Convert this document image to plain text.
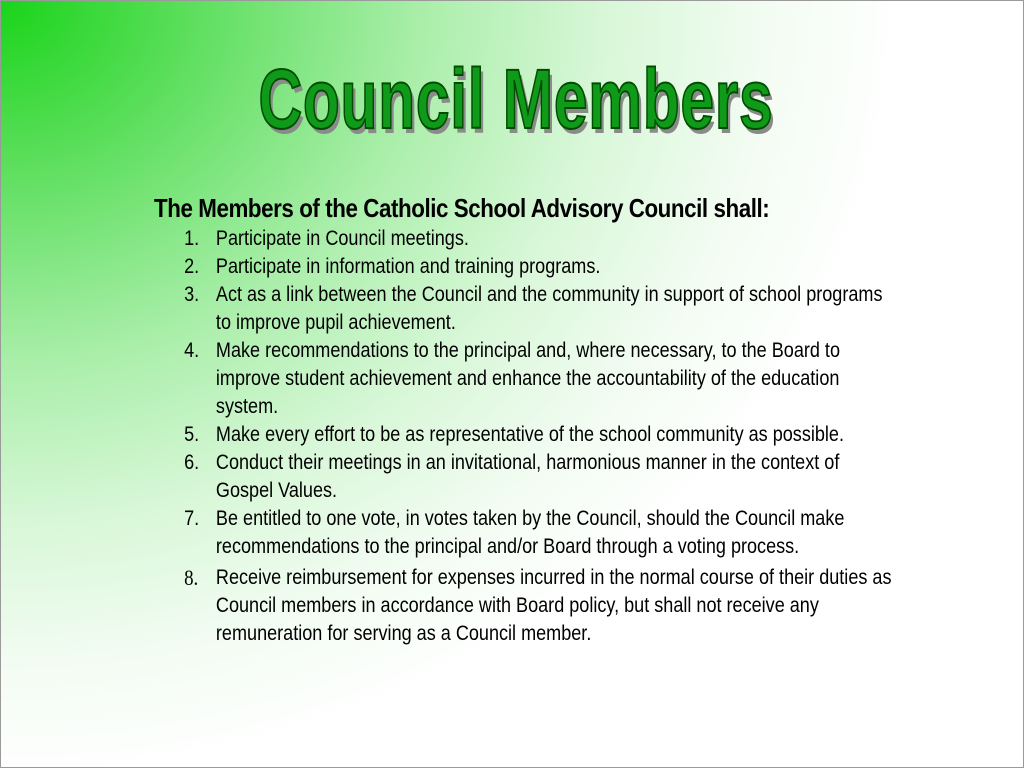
Council Members
The Members of the Catholic School Advisory Council shall:
1. Participate in Council meetings.
2. Participate in information and training programs.
3. Act as a link between the Council and the community in support of school programs to improve pupil achievement.
4. Make recommendations to the principal and, where necessary, to the Board to improve student achievement and enhance the accountability of the education system.
5. Make every effort to be as representative of the school community as possible.
6. Conduct their meetings in an invitational, harmonious manner in the context of Gospel Values.
7. Be entitled to one vote, in votes taken by the Council, should the Council make recommendations to the principal and/or Board through a voting process.
8. Receive reimbursement for expenses incurred in the normal course of their duties as Council members in accordance with Board policy, but shall not receive any remuneration for serving as a Council member.
